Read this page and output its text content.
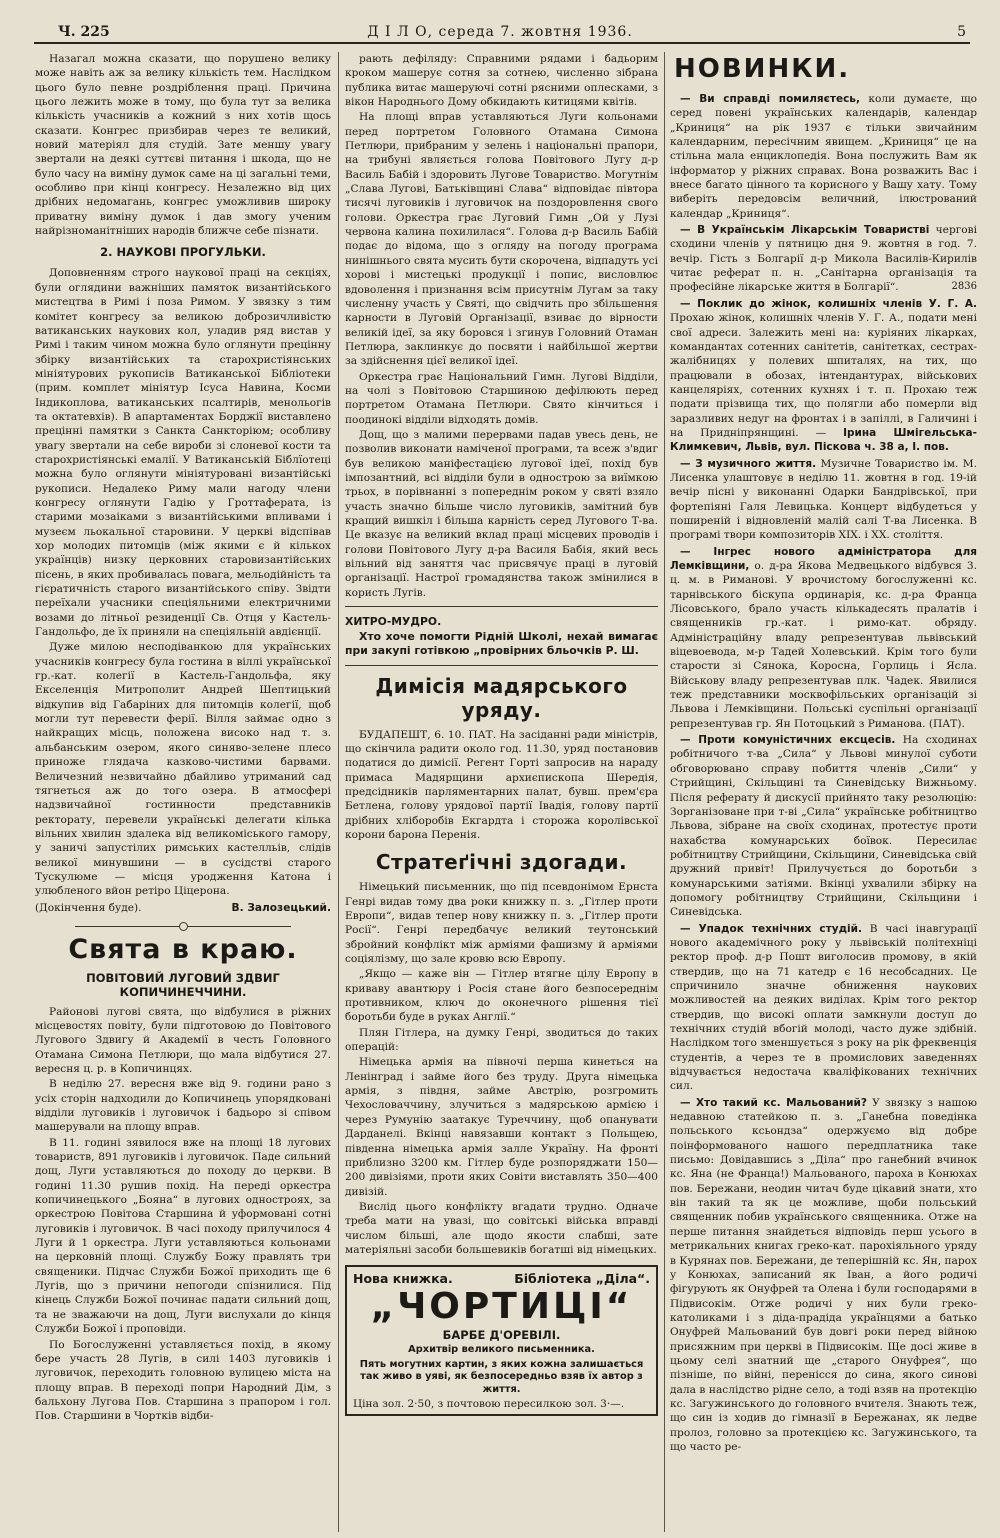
Ч. 225	Д І Л О, середа 7. жовтня 1936.	5

Назагал можна сказати, що порушено велику може навіть аж за велику кількість тем. Наслідком цього було певне роздріблення праці. Причина цього лежить може в тому, що була тут за велика кількість учасників а кожний з них хотів щось сказати. Конгрес призбирав через те великий, новий матеріял для студій. Зате меншу увагу звертали на деякі суттєві питання і шкода, що не було часу на виміну думок саме на ці загальні теми, особливо при кінці конгресу. Незалежно від цих дрібних недомагань, конгрес уможливив широку приватну виміну думок і дав змогу ученим найрізноманітніших народів ближче себе пізнати.

2. НАУКОВІ ПРОГУЛЬКИ.

Доповненням строго наукової праці на секціях, були оглядини важніших памяток византійського мистецтва в Римі і поза Римом. У звязку з тим комітет конгресу за великою доброзичливістю ватиканських наукових кол, уладив ряд вистав у Римі і таким чином можна було оглянути прецінну збірку византійських та старохристіянських мініятурових рукописів Ватиканської Бібліотеки (прим. комплет мініятур Ісуса Навина, Косми Індикоплова, ватиканських псалтирів, менольогів та октатевхів). В апартаментах Борджії виставлено прецінні памятки з Санкта Санкторіюм; особливу увагу звертали на себе вироби зі слоневої кости та старохристіянські емалії. У Ватиканській Біблїотеці можна було оглянути мініятуровані византійські рукописи. Недалеко Риму мали нагоду члени конгресу оглянути Гадію у Гроттаферата, із старими мозаіками з византійськими впливами і музеєм льокальної старовини. У церкві відспівав хор молодих питомців (між якими є й кількох українців) низку церковних старовизантійських пісень, в яких пробивалась повага, мельодійність та гієратичність старого византійського співу. Звідти переїхали учасники спеціяльними електричними возами до літньої резиденції Св. Отця у Кастель-Гандольфо, де їх приняли на спеціяльній авдієнції.

Дуже милою несподіванкою для українських учасників конгресу була гостина в віллі української гр.-кат. колегії в Кастель-Гандольфа, яку Екселенція Митрополит Андрей Шептицький відкупив від Габаріних для питомців колегії, щоб могли тут перевести ферії. Вілля займає одно з найкращих місць, положена високо над т. з. альбанським озером, якого синяво-зелене плесо приноже глядача казково-чистими барвами. Величезний незвичайно дбайливо утриманий сад тягнеться аж до того озера. В атмосфері надзвичайної гостинности представників ректорату, перевели українські делегати кілька вільних хвилин здалека від великоміського гамору, у заничі запустілих римських кастелльів, слідів великої минувшини — в сусідстві старого Тускулюме — місця уродження Катона і улюбленого вйон ретіро Ціцерона.

(Докінчення буде).	В. Залозецький.
Свята в краю.
ПОВІТОВИЙ ЛУГОВИЙ ЗДВИГ КОПИЧИНЕЧЧИНИ.

Районові лугові свята, що відбулися в ріжних місцевостях повіту, були підготовою до Повітового Лугового Здвигу й Академії в честь Головного Отамана Симона Петлюри, що мала відбутися 27. вересня ц. р. в Копичинцях.

В неділю 27. вересня вже від 9. години рано з усіх сторін надходили до Копичинець упорядковані відділи луговиків і луговичок і бадьоро зі співом машерували на площу вправ.

В 11. годині зявилося вже на площі 18 лугових товариств, 891 луговиків і луговичок. Паде сильний дощ, Луги уставляються до походу до церкви. В годині 11.30 рушив похід. На переді оркестра копичинецького „Бояна“ в лугових одностроях, за оркестрою Повітова Старшина й уформовані сотні луговиків і луговичок. В часі походу прилучилося 4 Луги й 1 оркестра. Луги уставляються кольонами на церковній площі. Службу Божу правлять три священики. Підчас Служби Божої приходить ще 6 Лугів, що з причини непогоди спізнилися. Під кінець Служби Божої починає падати сильний дощ, та не зважаючи на дощ, Луги вислухали до кінця Служби Божої і проповіди.

По Богослуженні уставляється похід, в якому бере участь 28 Лугів, в силі 1403 луговиків і луговичок, переходить головною вулицею міста на площу вправ. В переході попри Народний Дім, з бальхону Лугова Пов. Старшина з прапором і гол. Пов. Старшини в Чортків відби-

рають дефіляду: Справними рядами і бадьорим кроком машерує сотня за сотнею, численно зібрана публика витає машеруючі сотні рясними оплесками, з вікон Народнього Дому обкидають китицями квітів.

На площі вправ уставляються Луги кольонами перед портретом Головного Отамана Симона Петлюри, прибраним у зелень і національні прапори, на трибуні являється голова Повітового Лугу д-р Василь Бабій і здоровить Лугове Товариство. Могутнім „Слава Лугові, Батьківщині Слава“ відповідає півтора тисячі луговиків і луговичок на поздоровлення свого голови. Оркестра грає Луговий Гимн „Ой у Лузі червона калина похилилася“. Голова д-р Василь Бабій подає до відома, що з огляду на погоду програма нинішнього свята мусить бути скорочена, відпадуть усі хорові і мистецькі продукції і попис, висловлює вдоволення і признання всім присутнім Лугам за таку численну участь у Святі, що свідчить про збільшення карности в Луговій Організації, взиває до вірности великій ідеї, за яку боровся і згинув Головний Отаман Петлюра, заклинкує до посвяти і найбільшої жертви за здійснення цієї великої ідеї.

Оркестра грає Національний Гимн. Лугові Відділи, на чолі з Повітовою Старшиною дефілюють перед портретом Отамана Петлюри. Свято кінчиться і поодинокі відділи відходять домів.

Дощ, що з малими перервами падав увесь день, не позволив виконати наміченої програми, та всеж з'вдиг був великою маніфестацією лугової ідеї, похід був імпозантний, всі відділи були в однострою за виїмкою трьох, в порівнанні з попереднім роком у святі взяло участь значно більше число луговиків, замітний був кращий вишкіл і більша карність серед Лугового Т-ва. Це вказує на великий вклад праці місцевих проводів і голови Повітового Лугу д-ра Василя Бабія, який весь вільний від заняття час присвячує праці в луговій організації. Настрої громадянства також змінилися в користь Лугів.

ХИТРО-МУДРО.
Хто хоче помогти Рідній Школі, нехай вимагає при закупі готівкою „провірних бльочків Р. Ш.
Димісія мадярського уряду.

БУДАПЕШТ, 6. 10. ПАТ. На засіданні ради міністрів, що скінчила радити около год. 11.30, уряд постановив податися до димісії. Регент Горті запросив на нараду примаса Мадярщини архиєпископа Шередія, предсідників парляментарних палат, бувш. прем'єра Бетлена, голову урядової партії Івадія, голову партії дрібних хліборобів Екгардта і сторожа королівської корони барона Перенія.

Стратеґічні здогади.

Німецький письменник, що під псевдонімом Ернста Генрі видав тому два роки книжку п. з. „Гітлер проти Европи“, видав тепер нову книжку п. з. „Гітлер проти Росії“. Генрі передбачує великий теутонський збройний конфлікт між арміями фашизму й арміями соціялізму, що зале кровю всю Европу.

„Якщо — каже він — Гітлер втягне цілу Европу в криваву авантюру і Росія стане його безпосереднім противником, ключ до оконечного рішення тієї боротьби буде в руках Англії.“

Плян Гітлера, на думку Генрі, зводиться до таких операцій:

Німецька армія на півночі перша кинеться на Ленінград і займе його без труду. Друга німецька армія, з півдня, займе Австрію, розгромить Чехословаччину, злучиться з мадярською армією і через Румунію заатакує Туреччину, щоб опанувати Дарданелі. Вкінці навязавши контакт з Польщею, південна німецька армія залле Україну. На фронті приблизно 3200 км. Гітлер буде розпоряджати 150—200 дивізіями, проти яких Совіти виставлять 350—400 дивізій.

Вислід цього конфлікту вгадати трудно. Одначе треба мати на увазі, що совітські війська вправді числом більші, але щодо якости слабші, зате матеріяльні засоби большевиків богатші від німецьких.

Нова книжка.	Бібліотека „Діла“.
„ЧОРТИЦІ“
БАРБЕ Д'ОРЕВІЛІ.
Архитвір великого письменника.
Пять могутних картин, з яких кожна залишається так живо в уяві, як безпосередньо взяв їх автор з життя.
Ціна зол. 2·50, з почтовою пересилкою зол. 3·—.
НОВИНКИ.

— Ви справді помиляєтесь, коли думаєте, що серед повені українських календарів, календар „Криниця“ на рік 1937 є тільки звичайним календарним, пересічним явищем. „Криниця“ це на стільна мала енциклопедія. Вона послужить Вам як інформатор у ріжних справах. Вона розважить Вас і внесе багато цінного та корисного у Вашу хату. Тому виберіть передовсім величний, ілюстрований календар „Криниця“.

— В Українськім Лікарськім Товаристві чергові сходини членів у пятницю дня 9. жовтня в год. 7. вечір. Гість з Болгарії д-р Микола Василів-Кирилів читає реферат п. н. „Санітарна організація та професійне лікарське життя в Болгарії“.	2836

— Поклик до жінок, колишніх членів У. Г. А. Прохаю жінок, колишніх членів У. Г. А., подати мені свої адреси. Залежить мені на: куріяних лікарках, командантах сотенних санітетів, санітетках, сестрах-жалібницях у полевих шпиталях, на тих, що працювали в обозах, інтендантурах, військових канцеляріях, сотенних кухнях і т. п. Прохаю теж подати прізвища тих, що полягли або померли від заразливих недуг на фронтах і в запіллі, в Галичині і на Придніпрянщині. — Ірина Шмігельська-Климкевич, Львів, вул. Пісковa ч. 38 а, І. пов.

— З музичного життя. Музичне Товариство ім. М. Лисенка улаштовує в неділю 11. жовтня в год. 19-ій вечір пісні у виконанні Одарки Бандрівської, при фортепіяні Галя Левицька. Концерт відбудеться у поширеній і відновленій малій салі Т-ва Лисенка. В програмі твори композиторів XIX. і XX. століття.

— Інгрес нового адміністратора для Лемківщини, о. д-ра Якова Медвецького відбувся 3. ц. м. в Риманові. У врочистому богослуженні кс. тарнівського біскупа ординарія, кс. д-ра Франца Лісовського, брало участь кількадесять пралатів і священників гр.-кат. і римо-кат. обряду. Адміністраційну владу репрезентував львівський віцевоевода, м-р Тадей Холевський. Крім того були старости зі Сянока, Коросна, Горлиць і Ясла. Військову владу репрезентував плк. Чадек. Явилися теж представники москвофільських організацій зі Львова і Лемківщини. Польські суспільні організації репрезентував гр. Ян Потоцький з Риманова. (ПАТ).

— Проти комуністичних ексцесів. На сходинах робітничого т-ва „Сила“ у Львові минулої суботи обговорювано справу побиття членів „Сили“ у Стрийщині, Скільщині та Синевідську Вижньому. Після реферату й дискусії прийнято таку резолюцію: Зорганізоване при т-ві „Сила“ українське робітництво Львова, зібране на своїх сходинах, протестує проти нахабства комунарських боївок. Пересилає робітництву Стрийщини, Скільщини, Синевідська свій дружний привіт! Прилучується до боротьби з комунарськими затіями. Вкінці ухвалили збірку на допомогу робітництву Стрийщини, Скільщини і Синевідська.

— Упадок технічних студій. В часі інавгурації нового академічного року у львівській політехніці ректор проф. д-р Пошт виголосив промову, в якій ствердив, що на 71 катедр є 16 несобсадних. Це спричинило значне обниження наукових можливостей на деяких виділах. Крім того ректор ствердив, що високі оплати замкнули доступ до технічних студій вбогій молоді, часто дуже здібній. Наслідком того зменшується з року на рік фреквенція студентів, а через те в промислових заведеннях відчувається недостача кваліфікованих технічних сил.

— Хто такий кс. Мальований? У звязку з нашою недавною статейкою п. з. „Ганебна поведінка польського ксьондза“ одержуємо від добре поінформованого нашого передплатника таке письмо: Довідавшись з „Діла“ про ганебний вчинок кс. Яна (не Франца!) Мальованого, пароха в Конюхах пов. Бережани, неодин читач буде цікавий знати, хто він такий та як це можливе, щоби польський священник побив українського священника. Отже на перше питання знайдеться відповідь перш усього в метрикальних книгах греко-кат. парохіяльного уряду в Курянах пов. Бережани, де теперішній кс. Ян, парох у Конюхах, записаний як Іван, а його родичі фігурують як Онуфрей та Олена і були господарями в Підвисокім. Отже родичі у них були греко-католиками і з діда-прадіда українцями а батько Онуфрей Мальований був довгі роки перед війною присяжним при церкві в Підвисокім. Ще досі живе в цьому селі знатний ще „старого Онуфрея“, що пізніше, по війні, перенісся до сина, якого синові дала в наслідство рідне село, а тоді взяв на протекцію кс. Загужинського до головного вчителя. Знають теж, що син із ходив до гімназії в Бережанах, як ледве пролоз, головно за протекцією кс. Загужинського, та що часто ре-
